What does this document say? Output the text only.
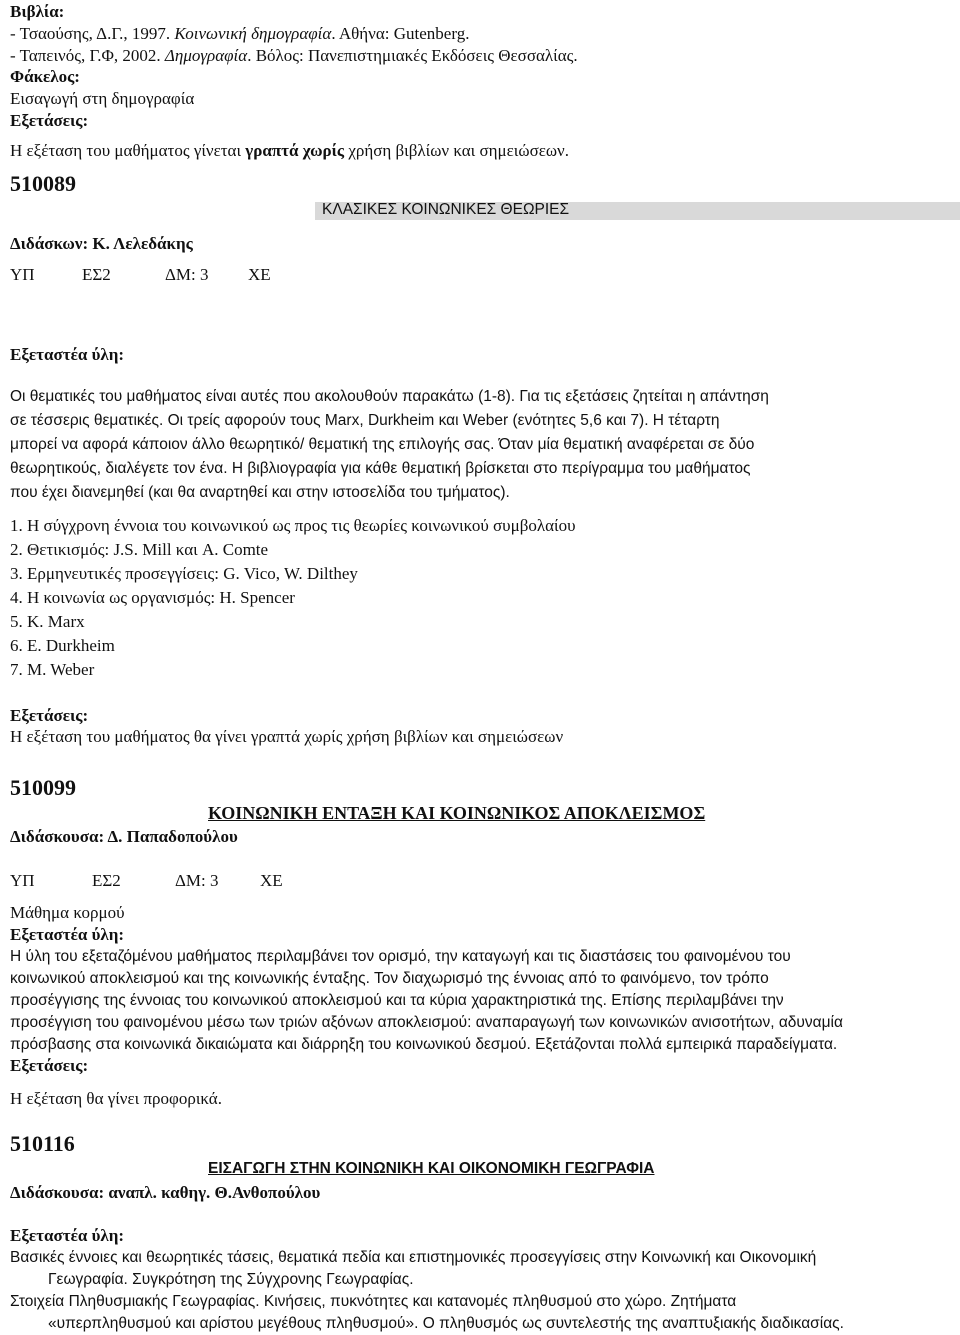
Βιβλία:
- Τσαούσης, Δ.Γ., 1997. Κοινωνική δημογραφία. Αθήνα: Gutenberg.
- Ταπεινός, Γ.Φ, 2002. Δημογραφία. Βόλος: Πανεπιστημιακές Εκδόσεις Θεσσαλίας.
Φάκελος:
Εισαγωγή στη δημογραφία
Εξετάσεις:
Η εξέταση του μαθήματος γίνεται γραπτά χωρίς χρήση βιβλίων και σημειώσεων.
510089
ΚΛΑΣΙΚΕΣ ΚΟΙΝΩΝΙΚΕΣ ΘΕΩΡΙΕΣ
Διδάσκων: Κ. Λελεδάκης
ΥΠ	ΕΣ2	ΔΜ: 3 ΧΕ
Εξεταστέα ύλη:
Οι θεματικές του μαθήματος είναι αυτές που ακολουθούν παρακάτω (1-8). Για τις εξετάσεις ζητείται η απάντηση
σε τέσσερις θεματικές. Οι τρείς αφορούν τους Marx, Durkheim και Weber (ενότητες 5,6 και 7). Η τέταρτη
μπορεί να αφορά κάποιον άλλο θεωρητικό/ θεματική της επιλογής σας. Όταν μία θεματική αναφέρεται σε δύο
θεωρητικούς, διαλέγετε τον ένα. Η βιβλιογραφία για κάθε θεματική βρίσκεται στο περίγραμμα του μαθήματος
που έχει διανεμηθεί (και θα αναρτηθεί και στην ιστοσελίδα του τμήματος).
1. Η σύγχρονη έννοια του κοινωνικού ως προς τις θεωρίες κοινωνικού συμβολαίου
2. Θετικισμός: J.S. Mill και A. Comte
3. Ερμηνευτικές προσεγγίσεις: G. Vico, W. Dilthey
4. Η κοινωνία ως οργανισμός: H. Spencer
5. K. Marx
6. E. Durkheim
7. M. Weber
Εξετάσεις:
Η εξέταση του μαθήματος θα γίνει γραπτά χωρίς χρήση βιβλίων και σημειώσεων
510099
ΚΟΙΝΩΝΙΚΗ ΕΝΤΑΞΗ ΚΑΙ ΚΟΙΝΩΝΙΚΟΣ ΑΠΟΚΛΕΙΣΜΟΣ
Διδάσκουσα: Δ. Παπαδοπούλου
ΥΠ	ΕΣ2	ΔΜ: 3 ΧΕ
Μάθημα κορμού
Εξεταστέα ύλη:
Η ύλη του εξεταζόμένου μαθήματος περιλαμβάνει τον ορισμό, την καταγωγή και τις διαστάσεις του φαινομένου του
κοινωνικού αποκλεισμού και της κοινωνικής ένταξης. Τον διαχωρισμό της έννοιας από το φαινόμενο, τον τρόπο
προσέγγισης της έννοιας του κοινωνικού αποκλεισμού και τα κύρια χαρακτηριστικά της. Επίσης περιλαμβάνει την
προσέγγιση του φαινομένου μέσω των τριών αξόνων αποκλεισμού: αναπαραγωγή των κοινωνικών ανισοτήτων, αδυναμία
πρόσβασης στα κοινωνικά δικαιώματα και διάρρηξη του κοινωνικού δεσμού. Εξετάζονται πολλά εμπειρικά παραδείγματα.
Εξετάσεις:
Η εξέταση θα γίνει προφορικά.
510116
ΕΙΣΑΓΩΓΗ ΣΤΗΝ ΚΟΙΝΩΝΙΚΗ ΚΑΙ ΟΙΚΟΝΟΜΙΚΗ ΓΕΩΓΡΑΦΙΑ
Διδάσκουσα: αναπλ. καθηγ. Θ.Ανθοπούλου
Εξεταστέα ύλη:
Βασικές έννοιες και θεωρητικές τάσεις, θεματικά πεδία και επιστημονικές προσεγγίσεις στην Κοινωνική και Οικονομική
Γεωγραφία. Συγκρότηση της Σύγχρονης Γεωγραφίας.
Στοιχεία Πληθυσμιακής Γεωγραφίας. Κινήσεις, πυκνότητες και κατανομές πληθυσμού στο χώρο. Ζητήματα
«υπερπληθυσμού και αρίστου μεγέθους πληθυσμού». Ο πληθυσμός ως συντελεστής της αναπτυξιακής διαδικασίας.
